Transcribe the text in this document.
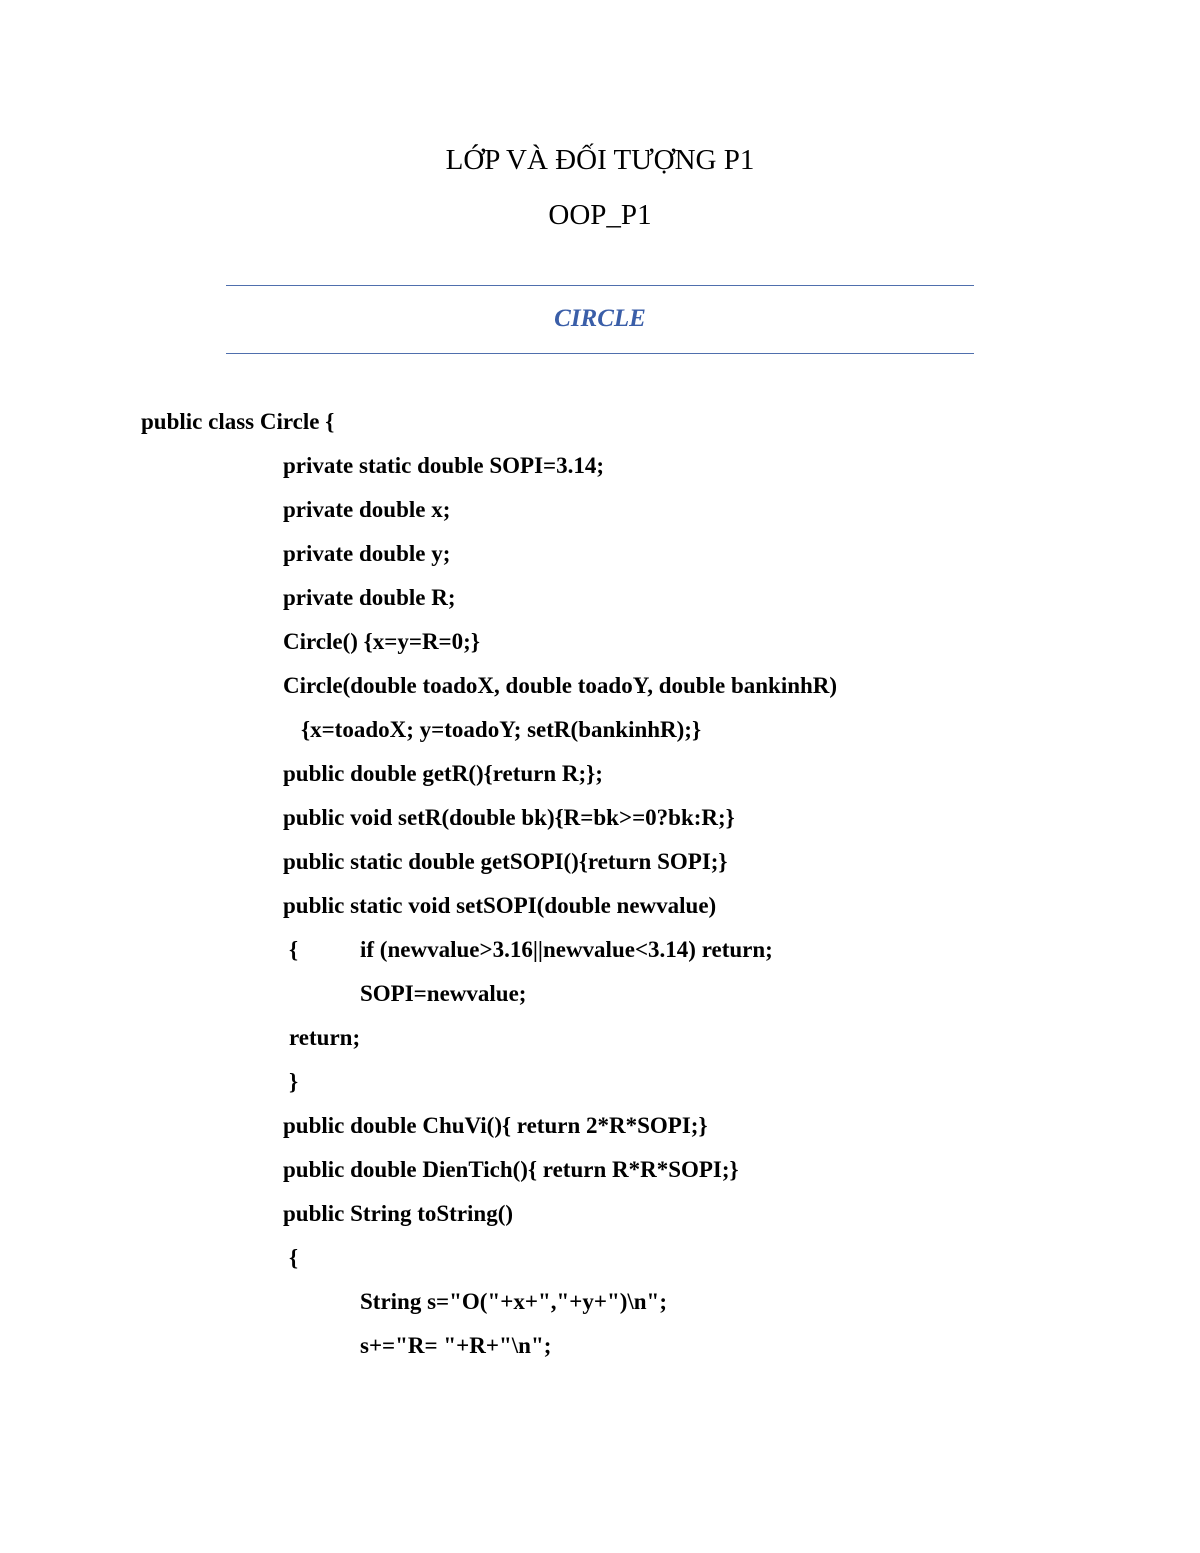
LỚP VÀ ĐỐI TƯỢNG P1
OOP_P1
CIRCLE
public class Circle {
private static double SOPI=3.14;
private double x;
private double y;
private double R;
Circle() {x=y=R=0;}
Circle(double toadoX, double toadoY, double bankinhR)
{x=toadoX; y=toadoY; setR(bankinhR);}
public double getR(){return R;};
public void setR(double bk){R=bk>=0?bk:R;}
public static double getSOPI(){return SOPI;}
public static void setSOPI(double newvalue)
{	if (newvalue>3.16||newvalue<3.14) return;
SOPI=newvalue;
return;
}
public double ChuVi(){ return 2*R*SOPI;}
public double DienTich(){ return R*R*SOPI;}
public String toString()
{
String s="O("+x+","+y+")\n";
s+="R= "+R+"\n";
